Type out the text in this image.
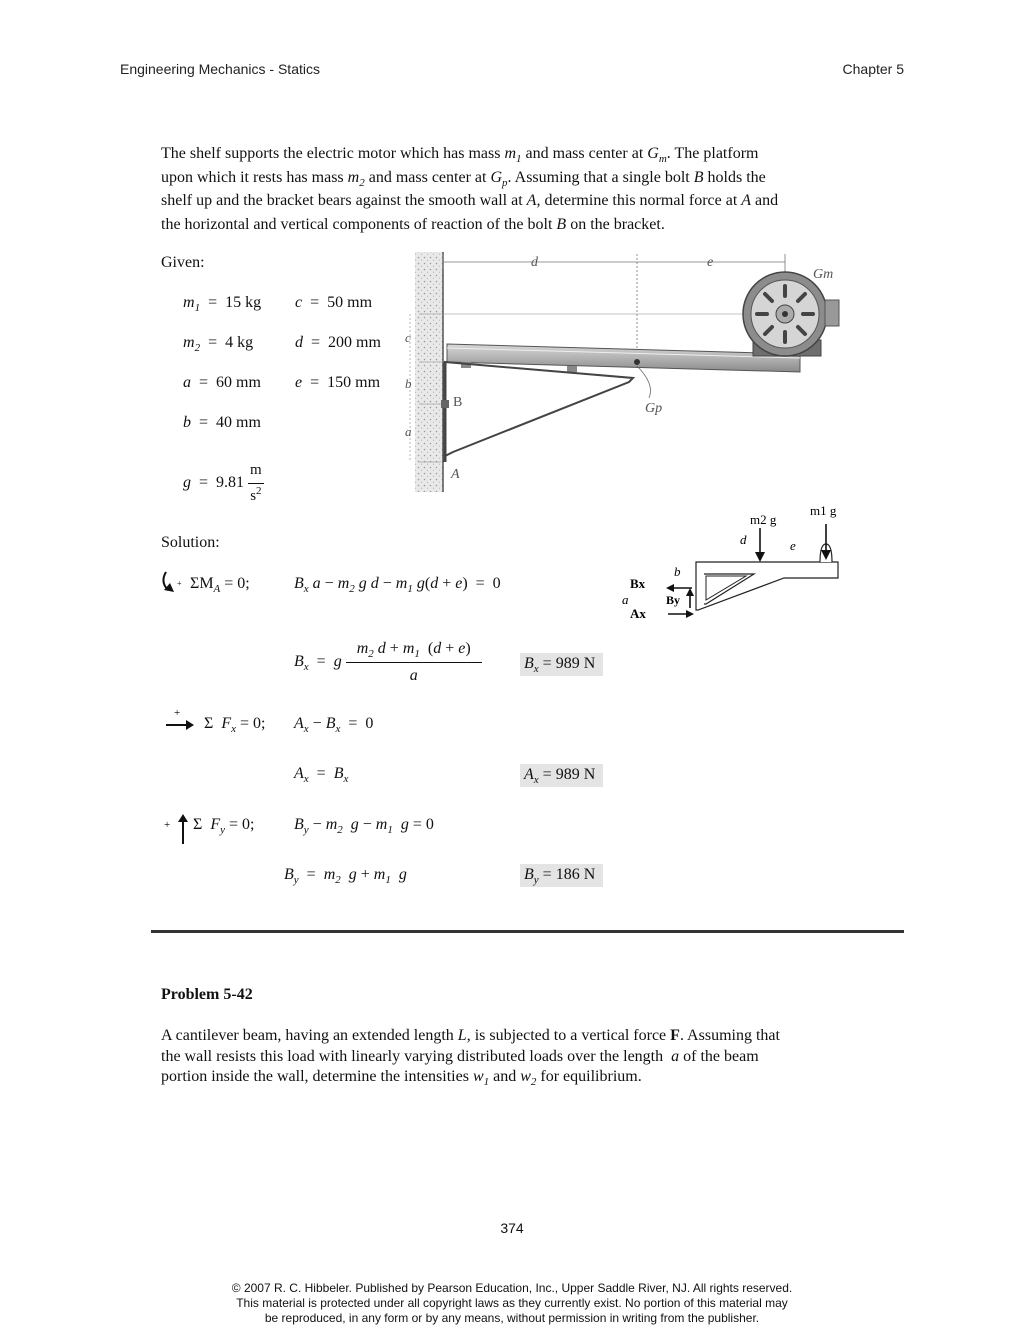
Engineering Mechanics - Statics	Chapter 5
The shelf supports the electric motor which has mass $m_1$ and mass center at $G_m$. The platform
upon which it rests has mass $m_2$ and mass center at $G_p$. Assuming that a single bolt B holds the
shelf up and the bracket bears against the smooth wall at A, determine this normal force at A and
the horizontal and vertical components of reaction of the bolt B on the bracket.
Given:
$m_1 = 15$ kg c  =  50 mm
$m_2 = 4$ kg	d  =  200 mm
a  =  60 mm e  =  150 mm
b  =  40 mm
$g = 9.81 \frac{m}{s^2}$
d	e
c
b
a
B
A
Gp
Gm
Solution:
+ $\Sigma M_A = 0$;	$B_x$ $a - m_2$ g $d - m_1$ g(d + e)  =  0
$B_x = g \frac{m_2 d + m_1 (d + e)}{a}$	$B_x = 989$ N
+
Σ  $F_x = 0$; $A_x - B_x = 0$
$A_x = B_x$	$A_x = 989$ N
+ Σ  $F_y = 0$; $B_y - m_2$ $g - m_1$ g = 0
$B_y = m_2$ $g + m_1$ g	$B_y = 186$ N
m2 g
m1 g
d	e
b
Bx
a	By
Ax
Problem 5-42
A cantilever beam, having an extended length L, is subjected to a vertical force F. Assuming that
the wall resists this load with linearly varying distributed loads over the length  a of the beam
portion inside the wall, determine the intensities $w_1$ and $w_2$ for equilibrium.
374
© 2007 R. C. Hibbeler. Published by Pearson Education, Inc., Upper Saddle River, NJ. All rights reserved.
This material is protected under all copyright laws as they currently exist. No portion of this material may
be reproduced, in any form or by any means, without permission in writing from the publisher.
